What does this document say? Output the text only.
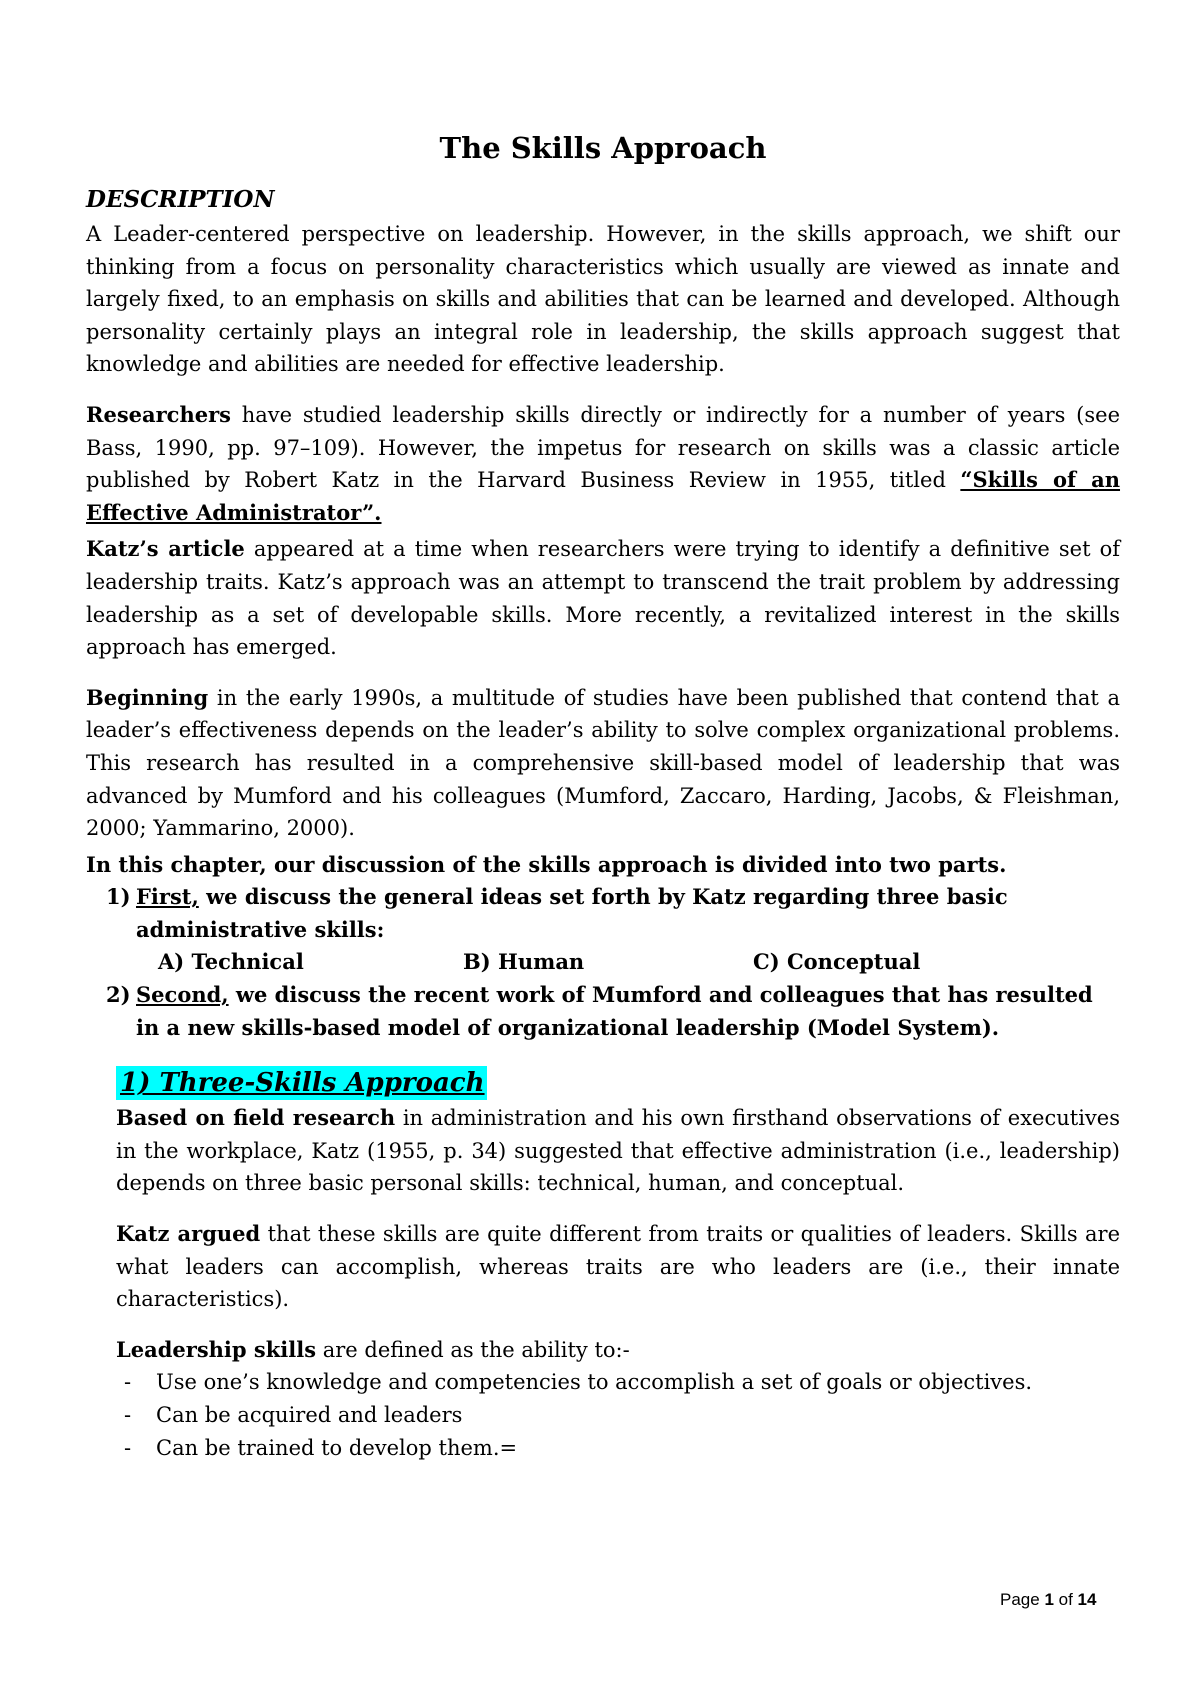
The Skills Approach
DESCRIPTION

A Leader-centered perspective on leadership. However, in the skills approach, we shift our thinking from a focus on personality characteristics which usually are viewed as innate and largely fixed, to an emphasis on skills and abilities that can be learned and developed. Although personality certainly plays an integral role in leadership, the skills approach suggest that knowledge and abilities are needed for effective leadership.

Researchers have studied leadership skills directly or indirectly for a number of years (see Bass, 1990, pp. 97–109). However, the impetus for research on skills was a classic article published by Robert Katz in the Harvard Business Review in 1955, titled “Skills of an Effective Administrator”.

Katz’s article appeared at a time when researchers were trying to identify a definitive set of leadership traits. Katz’s approach was an attempt to transcend the trait problem by addressing leadership as a set of developable skills. More recently, a revitalized interest in the skills approach has emerged.

Beginning in the early 1990s, a multitude of studies have been published that contend that a leader’s effectiveness depends on the leader’s ability to solve complex organizational problems. This research has resulted in a comprehensive skill-based model of leadership that was advanced by Mumford and his colleagues (Mumford, Zaccaro, Harding, Jacobs, & Fleishman, 2000; Yammarino, 2000).

In this chapter, our discussion of the skills approach is divided into two parts.

1) First, we discuss the general ideas set forth by Katz regarding three basic administrative skills:
A) Technical	B) Human	C) Conceptual
2) Second, we discuss the recent work of Mumford and colleagues that has resulted in a new skills-based model of organizational leadership (Model System).
1) Three-Skills Approach

Based on field research in administration and his own firsthand observations of executives in the workplace, Katz (1955, p. 34) suggested that effective administration (i.e., leadership) depends on three basic personal skills: technical, human, and conceptual.

Katz argued that these skills are quite different from traits or qualities of leaders. Skills are what leaders can accomplish, whereas traits are who leaders are (i.e., their innate characteristics).

Leadership skills are defined as the ability to:-

- Use one’s knowledge and competencies to accomplish a set of goals or objectives.
- Can be acquired and leaders
- Can be trained to develop them.=
Page 1 of 14
